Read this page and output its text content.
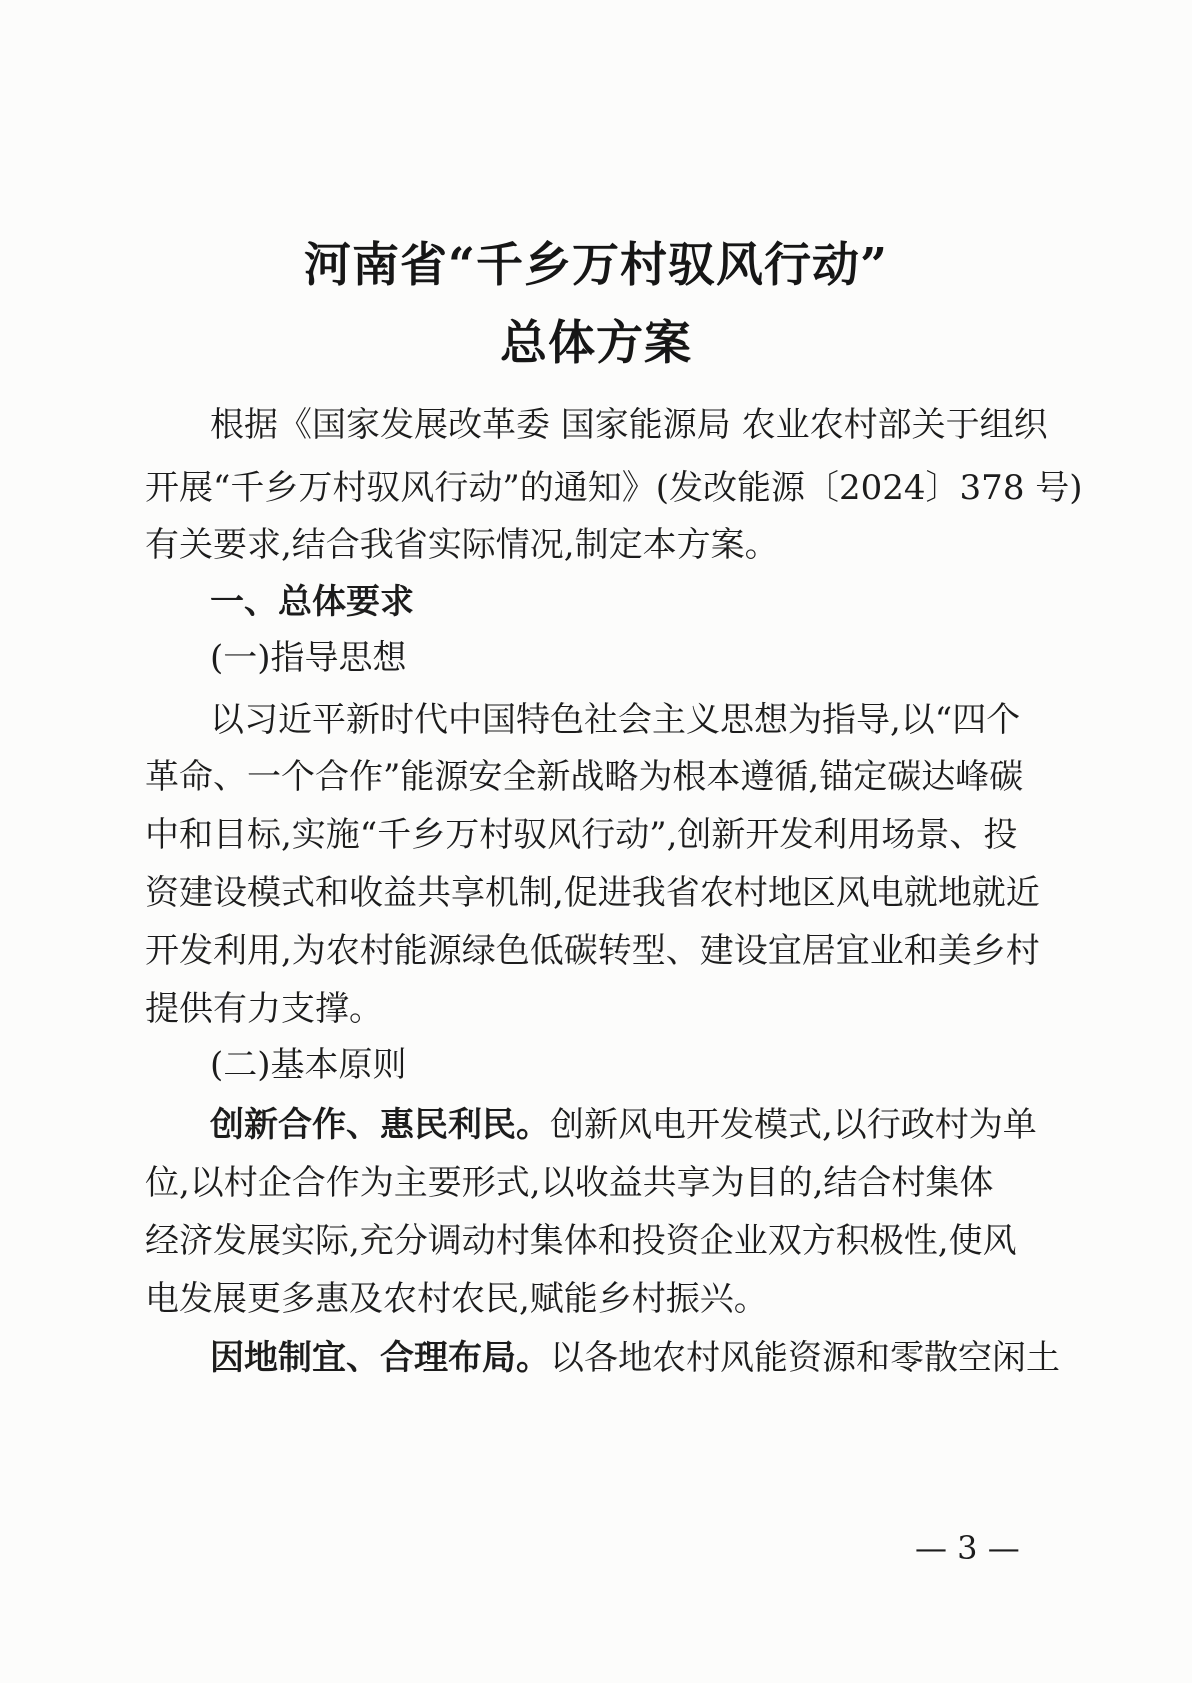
河南省“千乡万村驭风行动”
总体方案
根据《国家发展改革委 国家能源局 农业农村部关于组织
开展“千乡万村驭风行动”的通知》(发改能源〔2024〕378 号)
有关要求,结合我省实际情况,制定本方案。
一、总体要求
(一)指导思想
以习近平新时代中国特色社会主义思想为指导,以“四个
革命、一个合作”能源安全新战略为根本遵循,锚定碳达峰碳
中和目标,实施“千乡万村驭风行动”,创新开发利用场景、投
资建设模式和收益共享机制,促进我省农村地区风电就地就近
开发利用,为农村能源绿色低碳转型、建设宜居宜业和美乡村
提供有力支撑。
(二)基本原则
创新合作、惠民利民。创新风电开发模式,以行政村为单
位,以村企合作为主要形式,以收益共享为目的,结合村集体
经济发展实际,充分调动村集体和投资企业双方积极性,使风
电发展更多惠及农村农民,赋能乡村振兴。
因地制宜、合理布局。以各地农村风能资源和零散空闲土
— 3 —
